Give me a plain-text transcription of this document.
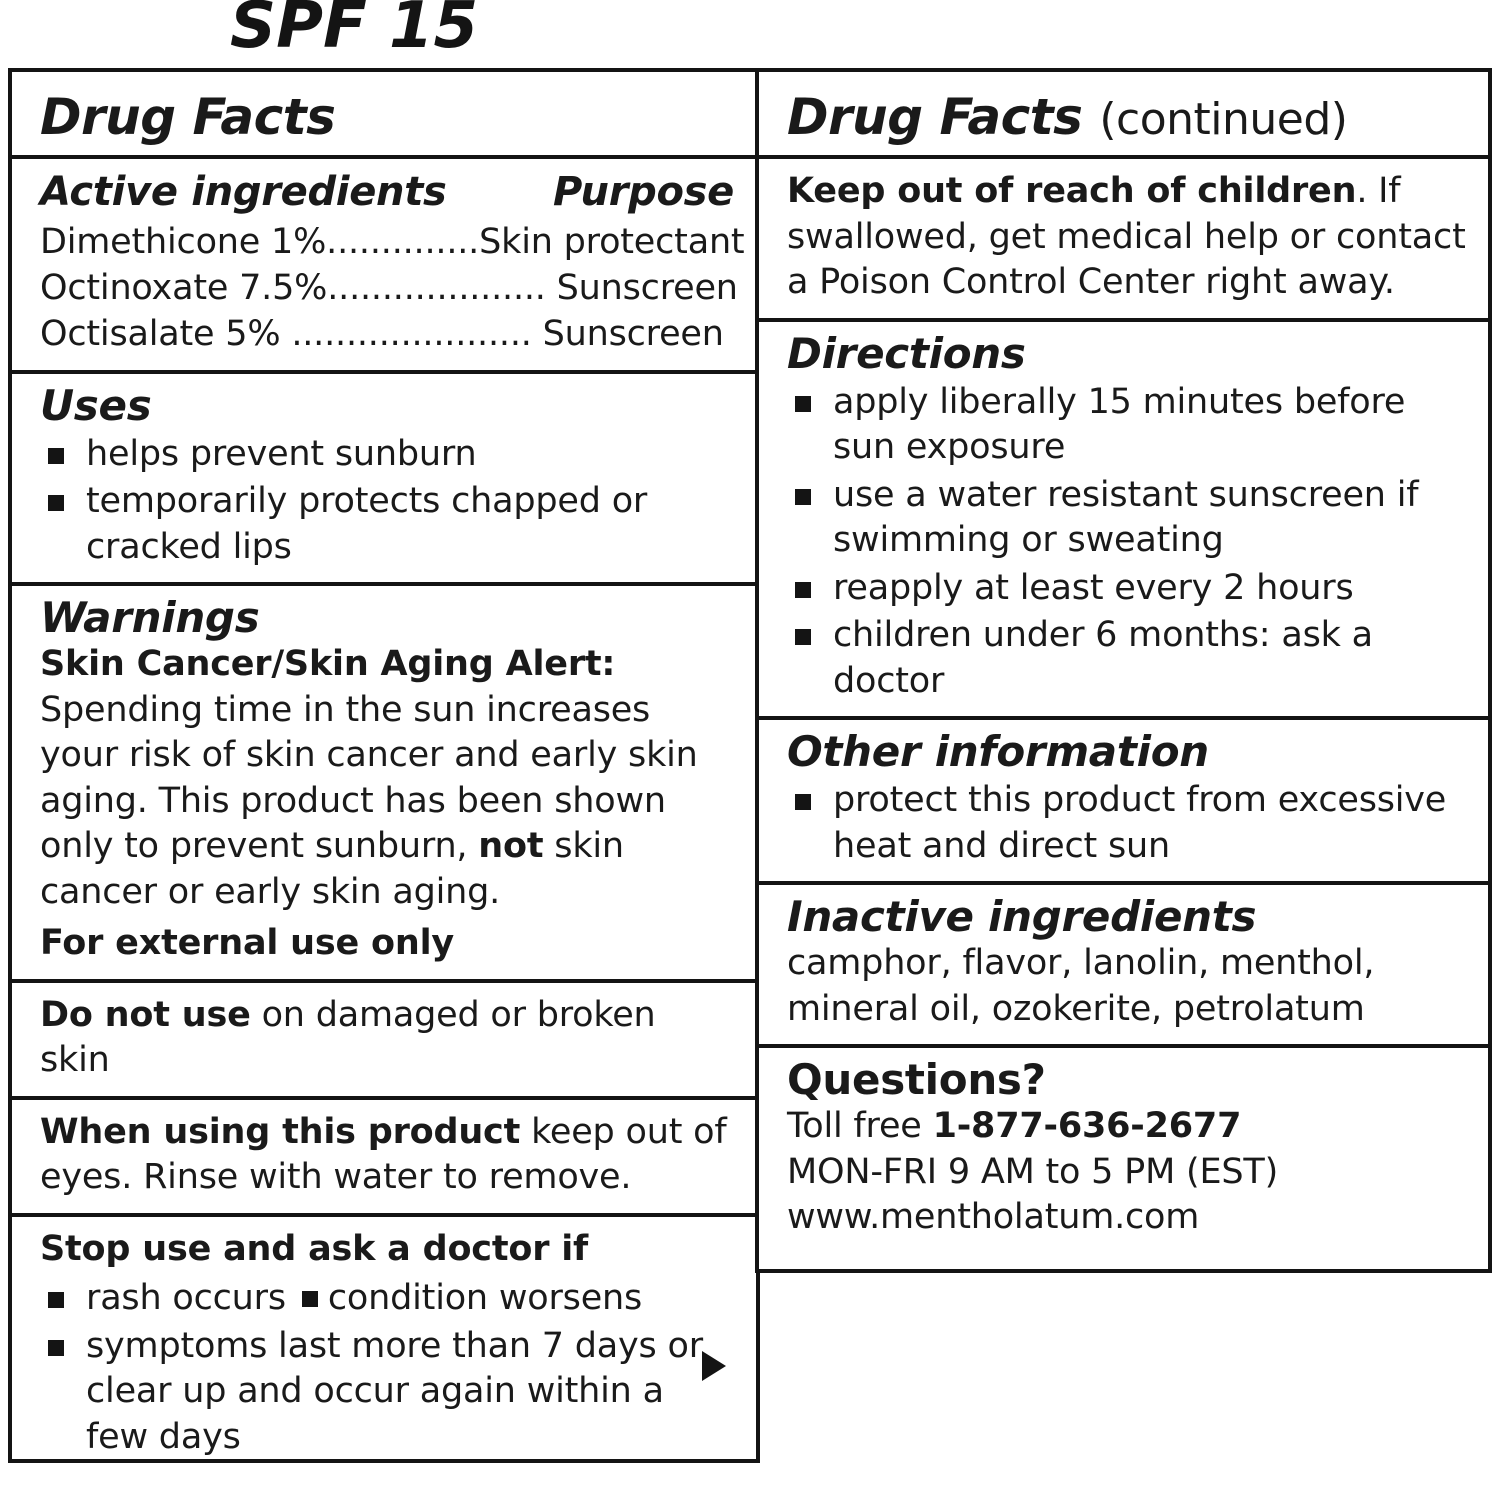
SPF 15
Drug Facts
Active ingredients	Purpose
Dimethicone 1%..............Skin protectant
Octinoxate 7.5%.................... Sunscreen
Octisalate 5% ...................... Sunscreen
Uses
helps prevent sunburn
temporarily protects chapped or cracked lips
Warnings
Skin Cancer/Skin Aging Alert: Spending time in the sun increases your risk of skin cancer and early skin aging. This product has been shown only to prevent sunburn, not skin cancer or early skin aging.
For external use only
Do not use on damaged or broken skin
When using this product keep out of eyes. Rinse with water to remove.
Stop use and ask a doctor if
rash occurs condition worsens
symptoms last more than 7 days or clear up and occur again within a few days
Drug Facts (continued)
Keep out of reach of children. If swallowed, get medical help or contact a Poison Control Center right away.
Directions
apply liberally 15 minutes before sun exposure
use a water resistant sunscreen if swimming or sweating
reapply at least every 2 hours
children under 6 months: ask a doctor
Other information
protect this product from excessive heat and direct sun
Inactive ingredients
camphor, flavor, lanolin, menthol, mineral oil, ozokerite, petrolatum
Questions?
Toll free 1-877-636-2677
MON-FRI 9 AM to 5 PM (EST)
www.mentholatum.com
